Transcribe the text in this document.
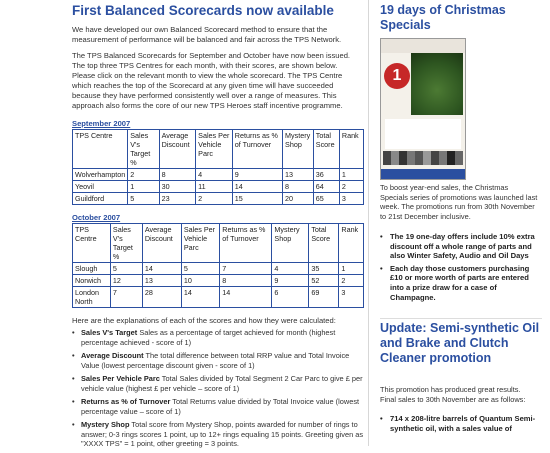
First Balanced Scorecards now available

We have developed our own Balanced Scorecard method to ensure that the measurement of performance will be balanced and fair across the TPS Network.

The TPS Balanced Scorecards for September and October have now been issued. The top three TPS Centres for each month, with their scores, are shown below. Please click on the relevant month to view the whole scorecard. The TPS Centre which reaches the top of the Scorecard at any given time will have succeeded because they have performed consistently well over a range of measures. This approach also forms the core of our new TPS Heroes staff incentive programme.

September 2007
TPS Centre	Sales V's Target %	Average Discount	Sales Per Vehicle Parc	Returns as % of Turnover	Mystery Shop	Total Score	Rank
Wolverhampton	2	8	4	9	13	36	1
Yeovil	1	30	11	14	8	64	2
Guildford	5	23	2	15	20	65	3
October 2007
TPS Centre	Sales V's Target %	Average Discount	Sales Per Vehicle Parc	Returns as % of Turnover	Mystery Shop	Total Score	Rank
Slough	5	14	5	7	4	35	1
Norwich	12	13	10	8	9	52	2
London North	7	28	14	14	6	69	3

Here are the explanations of each of the scores and how they were calculated:

• Sales V's Target Sales as a percentage of target achieved for month (highest percentage achieved - score of 1)
• Average Discount The total difference between total RRP value and Total Invoice Value (lowest percentage discount given - score of 1)
• Sales Per Vehicle Parc Total Sales divided by Total Segment 2 Car Parc to give £ per vehicle value (highest £ per vehicle – score of 1)
• Returns as % of Turnover Total Returns value divided by Total Invoice value (lowest percentage value – score of 1)
• Mystery Shop Total score from Mystery Shop, points awarded for number of rings to answer; 0-3 rings scores 1 point, up to 12+ rings equaling 15 points. Greeting given as "XXXX TPS" = 1 point, other greeting = 3 points.
19 days of Christmas Specials
1

To boost year-end sales, the Christmas Specials series of promotions was launched last week. The promotions run from 30th November to 21st December inclusive.

• The 19 one-day offers include 10% extra discount off a whole range of parts and also Winter Safety, Audio and Oil Days
• Each day those customers purchasing £10 or more worth of parts are entered into a prize draw for a case of Champagne.
Update: Semi-synthetic Oil and Brake and Clutch Cleaner promotion

This promotion has produced great results. Final sales to 30th November are as follows:

• 714 x 208-litre barrels of Quantum Semi-synthetic oil, with a sales value of
